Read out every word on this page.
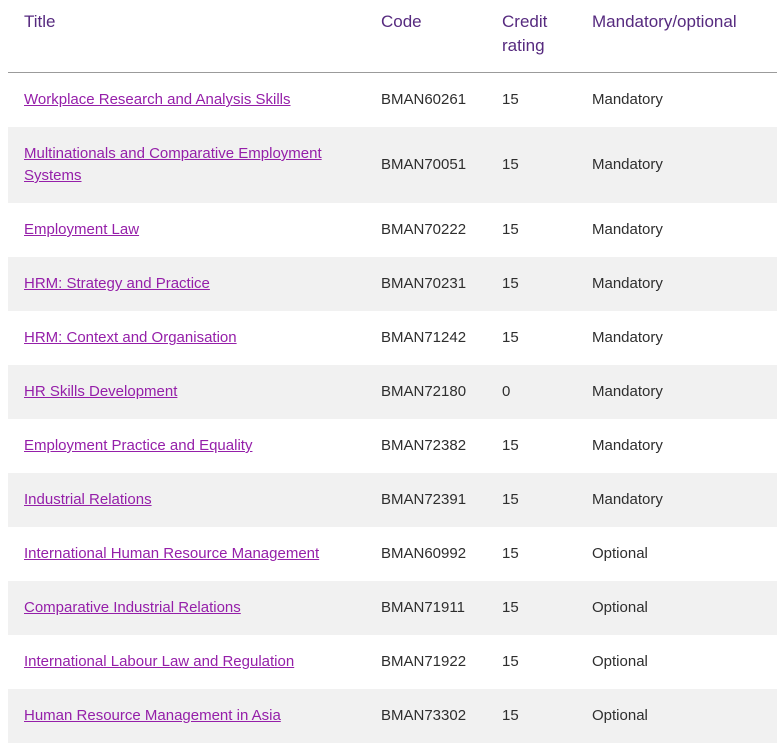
Title	Code	Credit rating	Mandatory/optional
Workplace Research and Analysis Skills	BMAN60261	15	Mandatory
Multinationals and Comparative Employment Systems	BMAN70051	15	Mandatory
Employment Law	BMAN70222	15	Mandatory
HRM: Strategy and Practice	BMAN70231	15	Mandatory
HRM: Context and Organisation	BMAN71242	15	Mandatory
HR Skills Development	BMAN72180	0	Mandatory
Employment Practice and Equality	BMAN72382	15	Mandatory
Industrial Relations	BMAN72391	15	Mandatory
International Human Resource Management	BMAN60992	15	Optional
Comparative Industrial Relations	BMAN71911	15	Optional
International Labour Law and Regulation	BMAN71922	15	Optional
Human Resource Management in Asia	BMAN73302	15	Optional
